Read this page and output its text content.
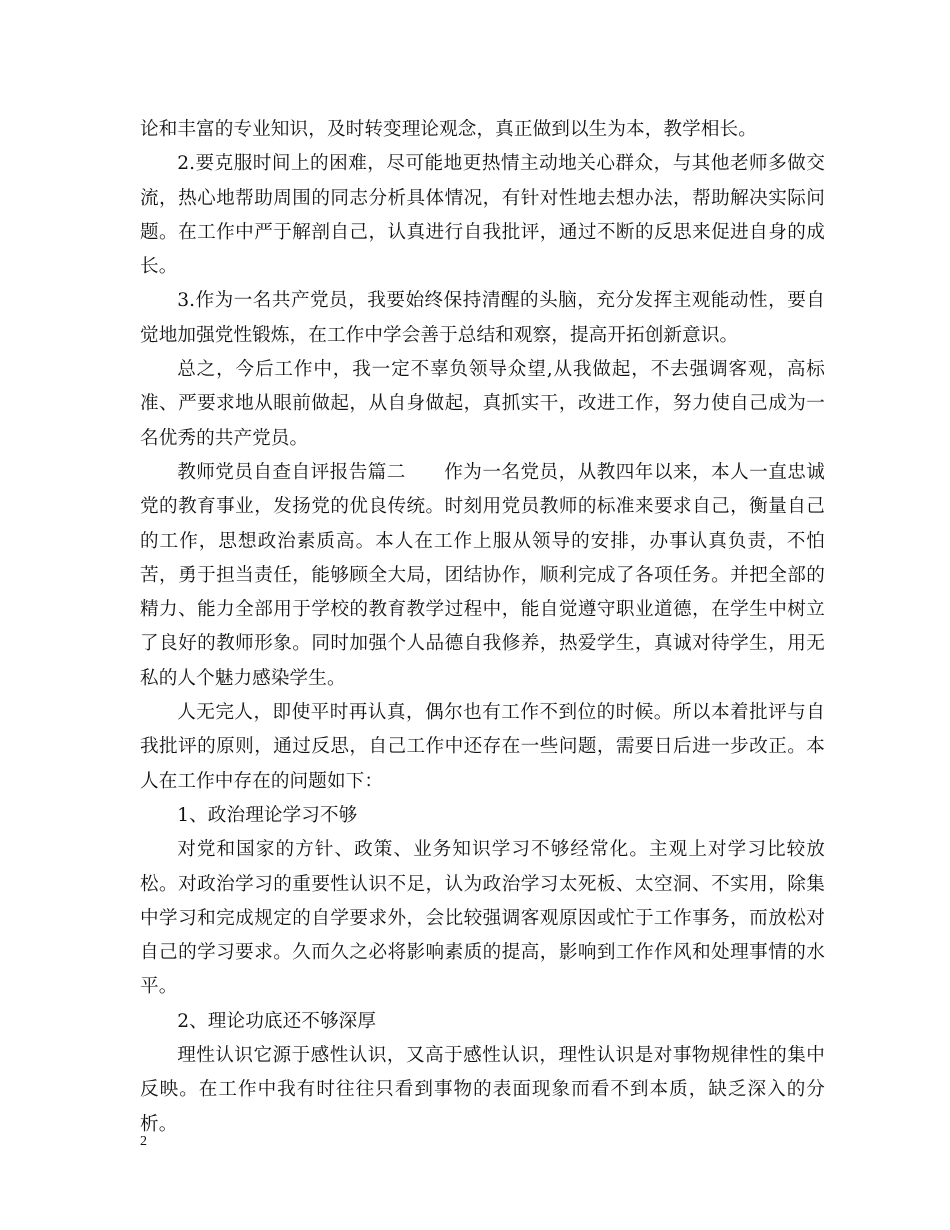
论和丰富的专业知识，及时转变理论观念，真正做到以生为本，教学相长。

2.要克服时间上的困难，尽可能地更热情主动地关心群众，与其他老师多做交流，热心地帮助周围的同志分析具体情况，有针对性地去想办法，帮助解决实际问题。在工作中严于解剖自己，认真进行自我批评，通过不断的反思来促进自身的成长。

3.作为一名共产党员，我要始终保持清醒的头脑，充分发挥主观能动性，要自觉地加强党性锻炼，在工作中学会善于总结和观察，提高开拓创新意识。

总之，今后工作中，我一定不辜负领导众望,从我做起，不去强调客观，高标准、严要求地从眼前做起，从自身做起，真抓实干，改进工作，努力使自己成为一名优秀的共产党员。

教师党员自查自评报告篇二 作为一名党员，从教四年以来，本人一直忠诚党的教育事业，发扬党的优良传统。时刻用党员教师的标准来要求自己，衡量自己的工作，思想政治素质高。本人在工作上服从领导的安排，办事认真负责，不怕苦，勇于担当责任，能够顾全大局，团结协作，顺利完成了各项任务。并把全部的精力、能力全部用于学校的教育教学过程中，能自觉遵守职业道德，在学生中树立了良好的教师形象。同时加强个人品德自我修养，热爱学生，真诚对待学生，用无私的人个魅力感染学生。

人无完人，即使平时再认真，偶尔也有工作不到位的时候。所以本着批评与自我批评的原则，通过反思，自己工作中还存在一些问题，需要日后进一步改正。本人在工作中存在的问题如下：

1、政治理论学习不够

对党和国家的方针、政策、业务知识学习不够经常化。主观上对学习比较放松。对政治学习的重要性认识不足，认为政治学习太死板、太空洞、不实用，除集中学习和完成规定的自学要求外，会比较强调客观原因或忙于工作事务，而放松对自己的学习要求。久而久之必将影响素质的提高，影响到工作作风和处理事情的水平。

2、理论功底还不够深厚

理性认识它源于感性认识，又高于感性认识，理性认识是对事物规律性的集中反映。在工作中我有时往往只看到事物的表面现象而看不到本质，缺乏深入的分析。

2
